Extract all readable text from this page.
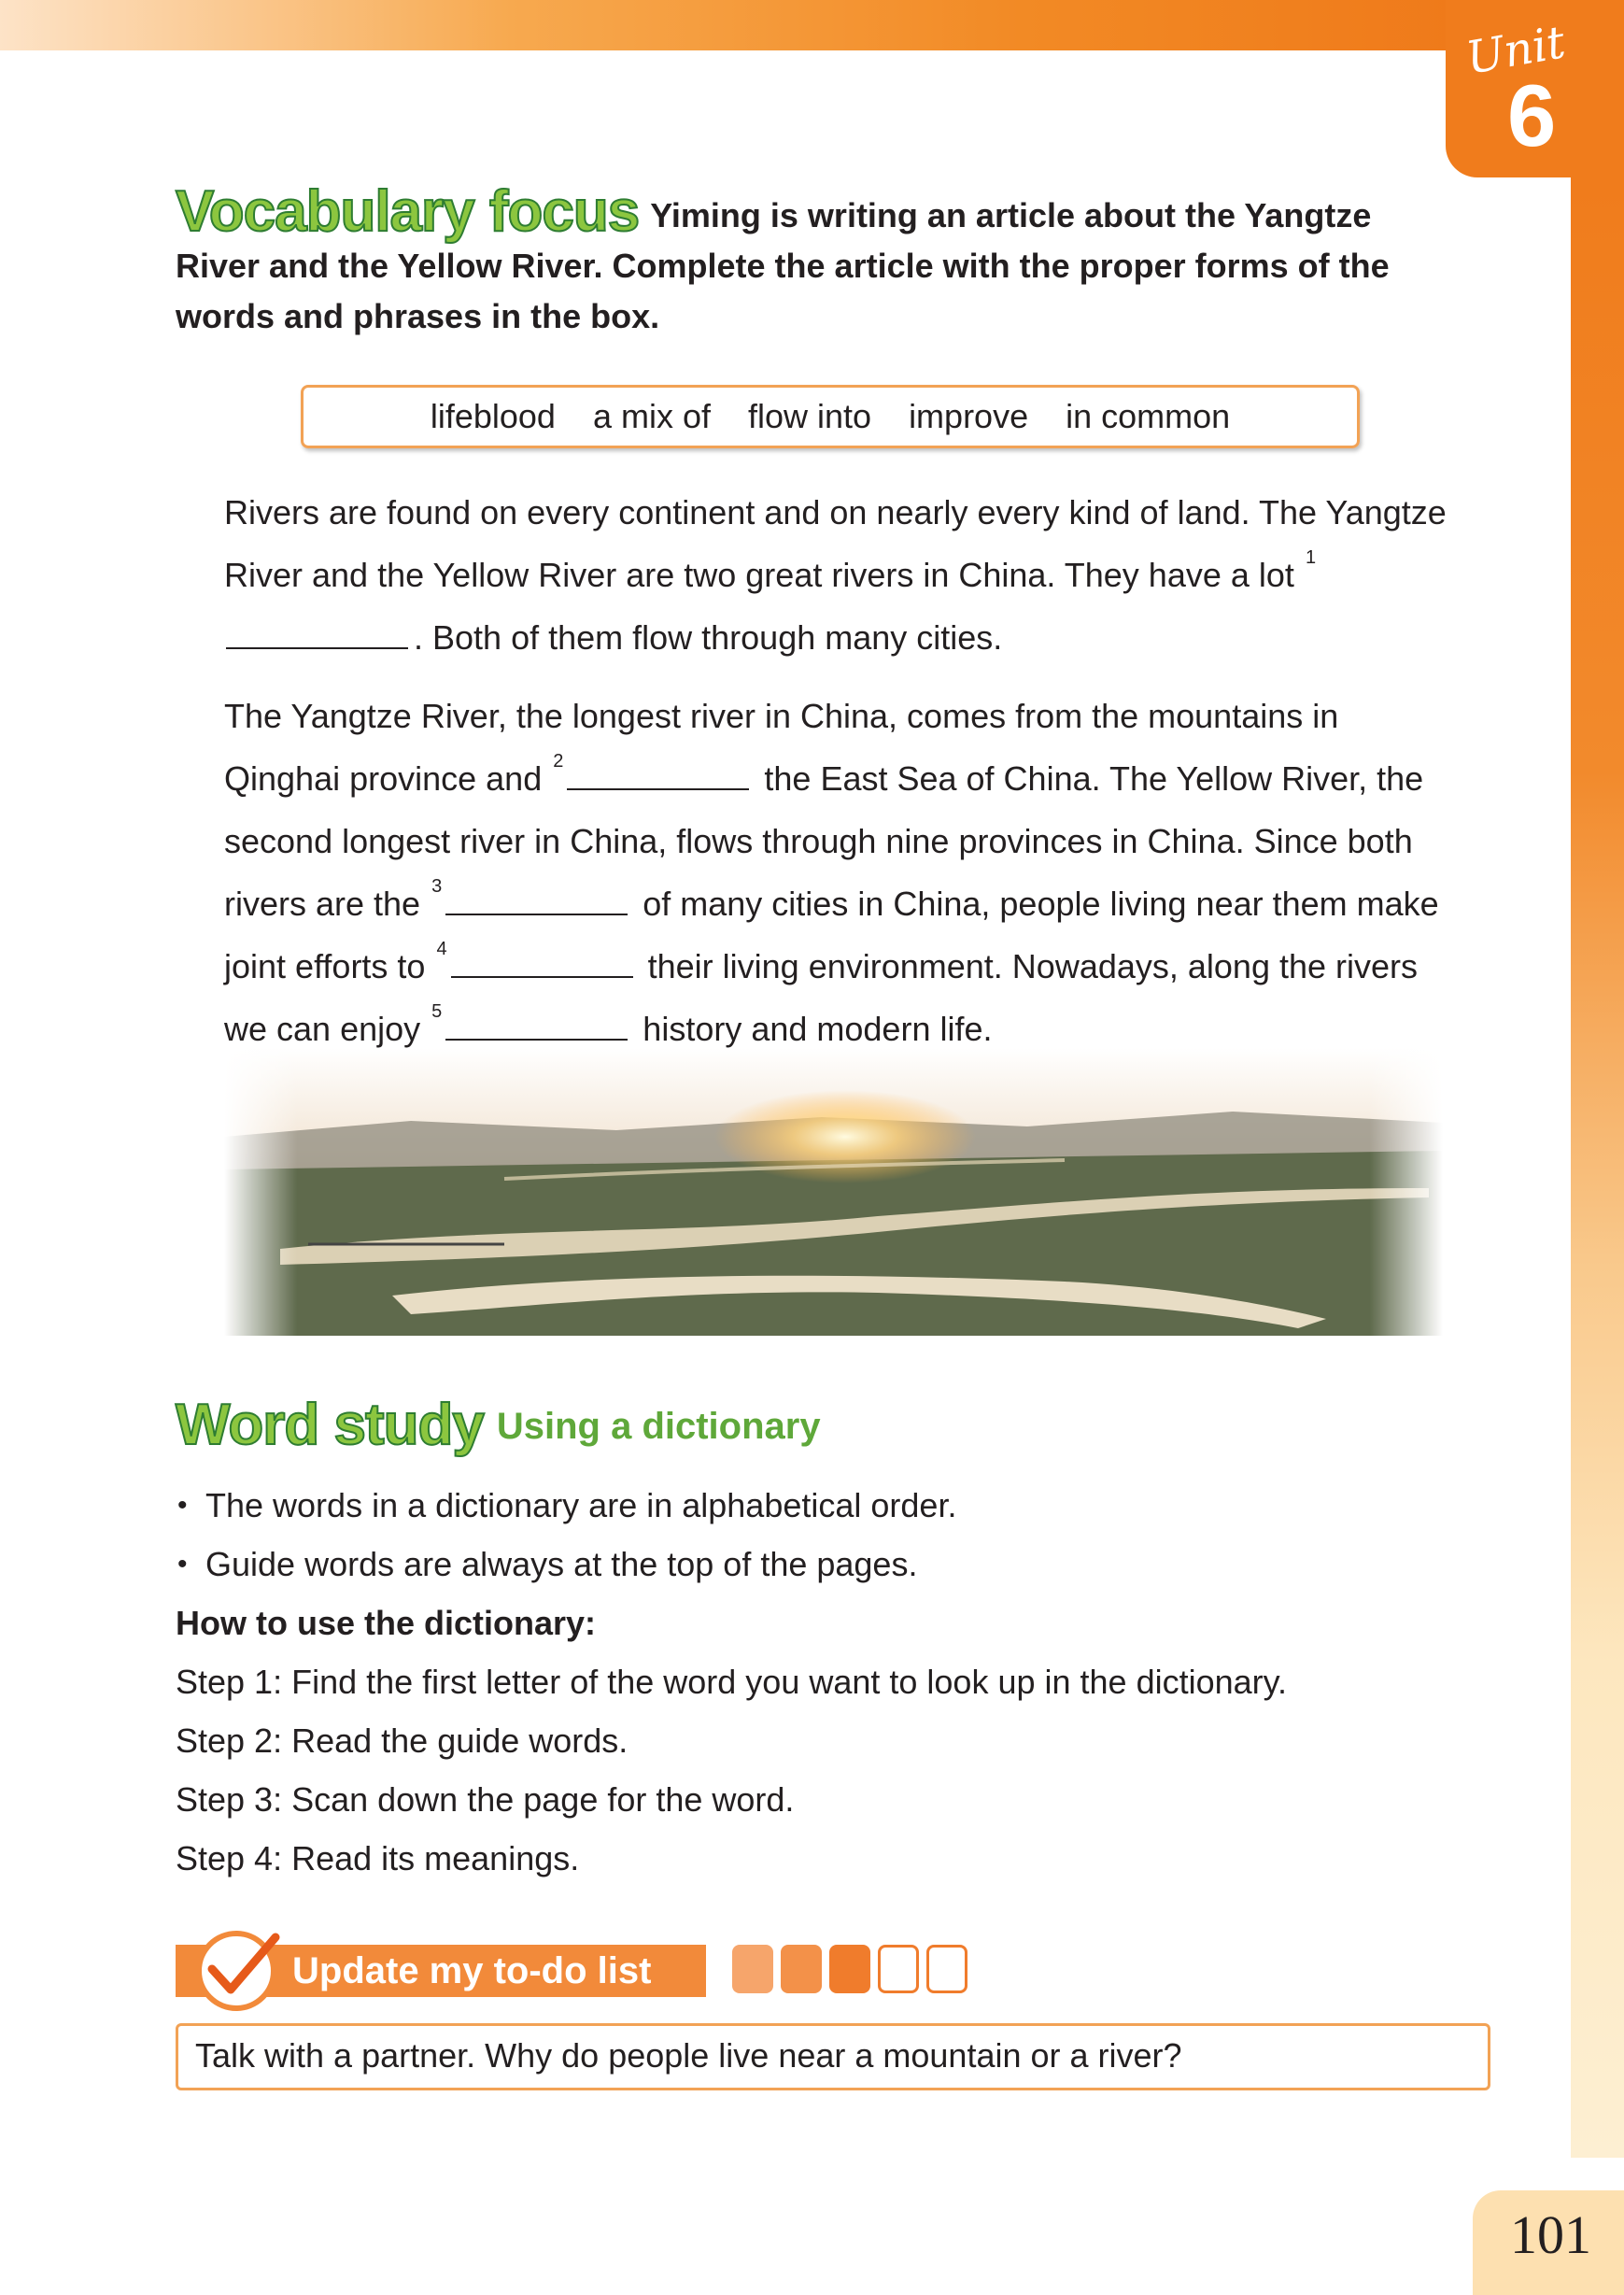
Unit
6
Vocabulary focus Yiming is writing an article about the Yangtze River and the Yellow River. Complete the article with the proper forms of the words and phrases in the box.
lifeblood a mix of flow into improve in common
Rivers are found on every continent and on nearly every kind of land. The Yangtze River and the Yellow River are two great rivers in China. They have a lot $^1$. Both of them flow through many cities.
The Yangtze River, the longest river in China, comes from the mountains in Qinghai province and $^2$	the East Sea of China. The Yellow River, the second longest river in China, flows through nine provinces in China. Since both rivers are the $^3$	of many cities in China, people living near them make joint efforts to $^4$	their living environment. Nowadays, along the rivers we can enjoy $^5$	history and modern life.
Word study Using a dictionary
• The words in a dictionary are in alphabetical order.
• Guide words are always at the top of the pages.
How to use the dictionary:
Step 1: Find the first letter of the word you want to look up in the dictionary.
Step 2: Read the guide words.
Step 3: Scan down the page for the word.
Step 4: Read its meanings.
Update my to-do list
Talk with a partner. Why do people live near a mountain or a river?
101
